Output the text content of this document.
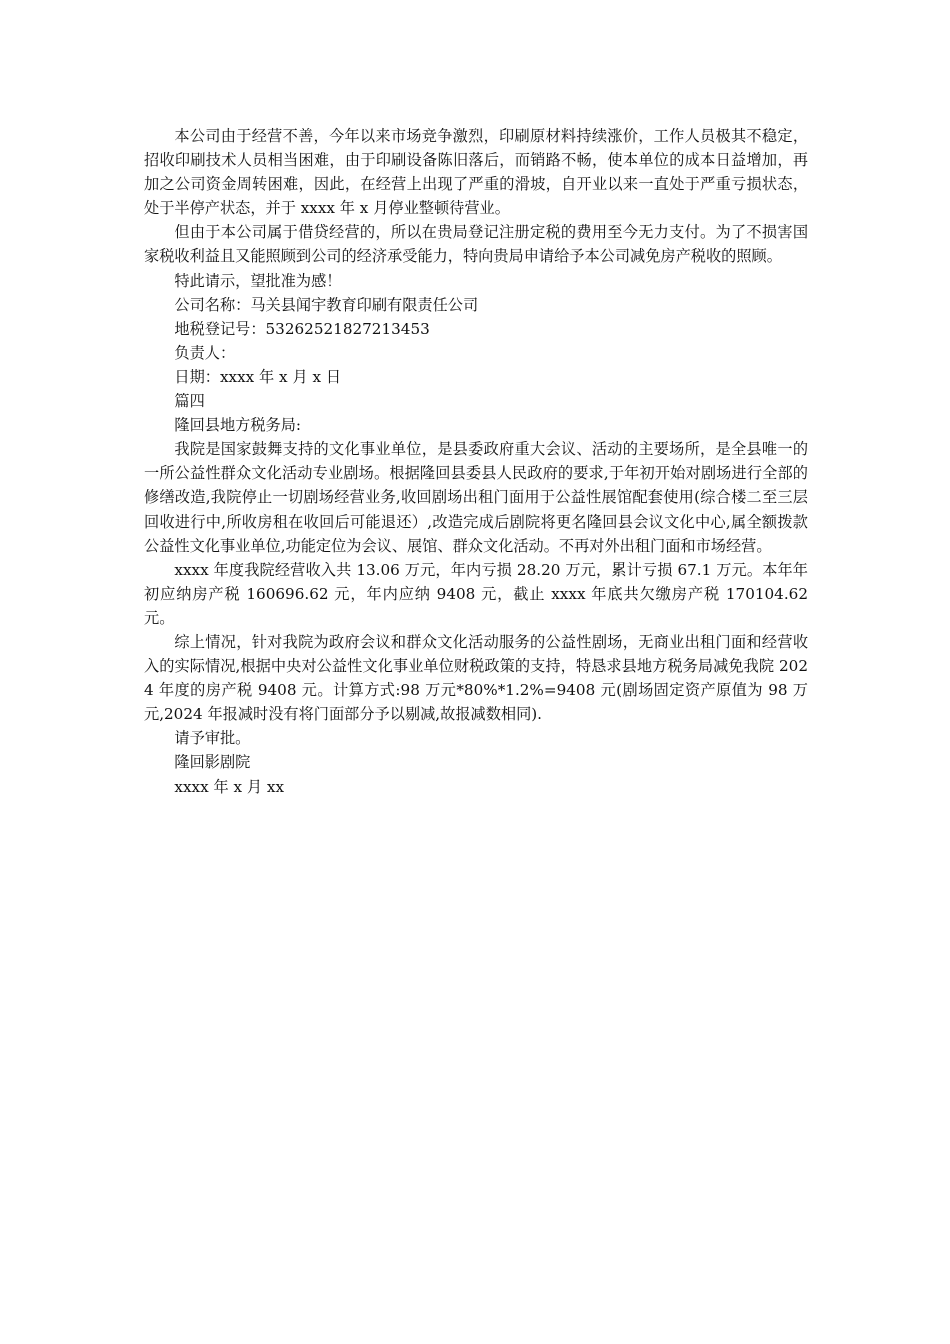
本公司由于经营不善，今年以来市场竞争激烈，印刷原材料持续涨价，工作人员极其不稳定，招收印刷技术人员相当困难，由于印刷设备陈旧落后，而销路不畅，使本单位的成本日益增加，再加之公司资金周转困难，因此，在经营上出现了严重的滑坡，自开业以来一直处于严重亏损状态，处于半停产状态，并于 xxxx 年 x 月停业整顿待营业。

但由于本公司属于借贷经营的，所以在贵局登记注册定税的费用至今无力支付。为了不损害国家税收利益且又能照顾到公司的经济承受能力，特向贵局申请给予本公司减免房产税收的照顾。

特此请示，望批准为感！

公司名称：马关县闻宇教育印刷有限责任公司

地税登记号：53262521827213453

负责人：

日期：xxxx 年 x 月 x 日

篇四

隆回县地方税务局:

我院是国家鼓舞支持的文化事业单位，是县委政府重大会议、活动的主要场所，是全县唯一的一所公益性群众文化活动专业剧场。根据隆回县委县人民政府的要求,于年初开始对剧场进行全部的修缮改造,我院停止一切剧场经营业务,收回剧场出租门面用于公益性展馆配套使用(综合楼二至三层回收进行中,所收房租在收回后可能退还）,改造完成后剧院将更名隆回县会议文化中心,属全额拨款公益性文化事业单位,功能定位为会议、展馆、群众文化活动。不再对外出租门面和市场经营。

xxxx 年度我院经营收入共 13.06 万元，年内亏损 28.20 万元，累计亏损 67.1 万元。本年年初应纳房产税 160696.62 元，年内应纳 9408 元，截止 xxxx 年底共欠缴房产税 170104.62 元。

综上情况，针对我院为政府会议和群众文化活动服务的公益性剧场，无商业出租门面和经营收入的实际情况,根据中央对公益性文化事业单位财税政策的支持，特恳求县地方税务局减免我院 2024 年度的房产税 9408 元。计算方式:98 万元*80%*1.2%=9408 元(剧场固定资产原值为 98 万元,2024 年报减时没有将门面部分予以剔减,故报减数相同).

请予审批。

隆回影剧院

xxxx 年 x 月 xx
